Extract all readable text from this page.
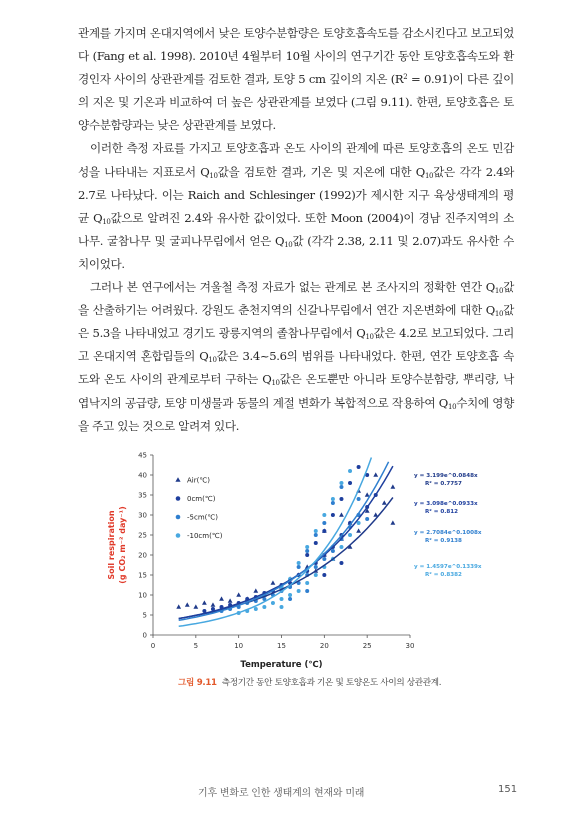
관계를 가지며 온대지역에서 낮은 토양수분함량은 토양호흡속도를 감소시킨다고 보고되었다 (Fang et al. 1998). 2010년 4월부터 10월 사이의 연구기간 동안 토양호흡속도와 환경인자 사이의 상관관계를 검토한 결과, 토양 5 cm 깊이의 지온 $(R^2 = 0.91)$이 다른 깊이의 지온 및 기온과 비교하여 더 높은 상관관계를 보였다 (그림 9.11). 한편, 토양호흡은 토양수분함량과는 낮은 상관관계를 보였다.

이러한 측정 자료를 가지고 토양호흡과 온도 사이의 관계에 따른 토양호흡의 온도 민감성을 나타내는 지표로서 $Q_{10}$값을 검토한 결과, 기온 및 지온에 대한 $Q_{10}$값은 각각 2.4와 2.7로 나타났다. 이는 Raich and Schlesinger (1992)가 제시한 지구 육상생태계의 평균 $Q_{10}$값으로 알려진 2.4와 유사한 값이었다. 또한 Moon (2004)이 경남 진주지역의 소나무. 굴참나무 및 굴피나무림에서 얻은 $Q_{10}$값 (각각 2.38, 2.11 및 2.07)과도 유사한 수치이었다.

그러나 본 연구에서는 겨울철 측정 자료가 없는 관계로 본 조사지의 정확한 연간 $Q_{10}$값을 산출하기는 어려웠다. 강원도 춘천지역의 신갈나무림에서 연간 지온변화에 대한 $Q_{10}$값은 5.3을 나타내었고 경기도 광릉지역의 졸참나무림에서 $Q_{10}$값은 4.2로 보고되었다. 그리고 온대지역 혼합림들의 $Q_{10}$값은 3.4~5.6의 범위를 나타내었다. 한편, 연간 토양호흡 속도와 온도 사이의 관계로부터 구하는 $Q_{10}$값은 온도뿐만 아니라 토양수분함량, 뿌리량, 낙엽낙지의 공급량, 토양 미생물과 동물의 계절 변화가 복합적으로 작용하여 $Q_{10}$수치에 영향을 주고 있는 것으로 알려져 있다.

0
5
10
15
20
25
30
35
40
45
0	5	10	15	20	25	30
Temperature (℃)
Soil respiration (g CO₂ m⁻² day⁻¹)
Air(℃)
0cm(℃)
-5cm(℃)
-10cm(℃)
y = 3.199e^0.0848x
R² = 0.7757
y = 3.098e^0.0933x
R² = 0.812
y = 2.7084e^0.1008x
R² = 0.9138
y = 1.4597e^0.1339x
R² = 0.8382
그림 9.11 측정기간 동안 토양호흡과 기온 및 토양온도 사이의 상관관계.
기후 변화로 인한 생태계의 현재와 미래	151
